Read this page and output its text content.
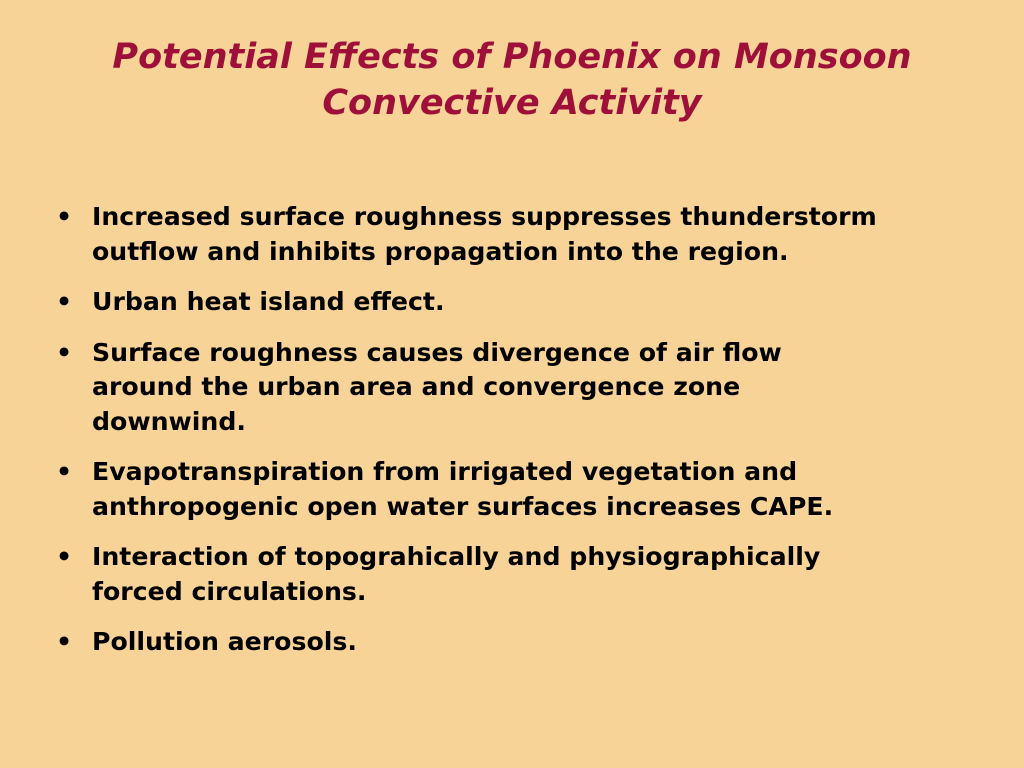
Potential Effects of Phoenix on Monsoon
Convective Activity
• Increased surface roughness suppresses thunderstorm
outflow and inhibits propagation into the region.
• Urban heat island effect.
• Surface roughness causes divergence of air flow
around the urban area and convergence zone
downwind.
• Evapotranspiration from irrigated vegetation and
anthropogenic open water surfaces increases CAPE.
• Interaction of topograhically and physiographically
forced circulations.
• Pollution aerosols.
